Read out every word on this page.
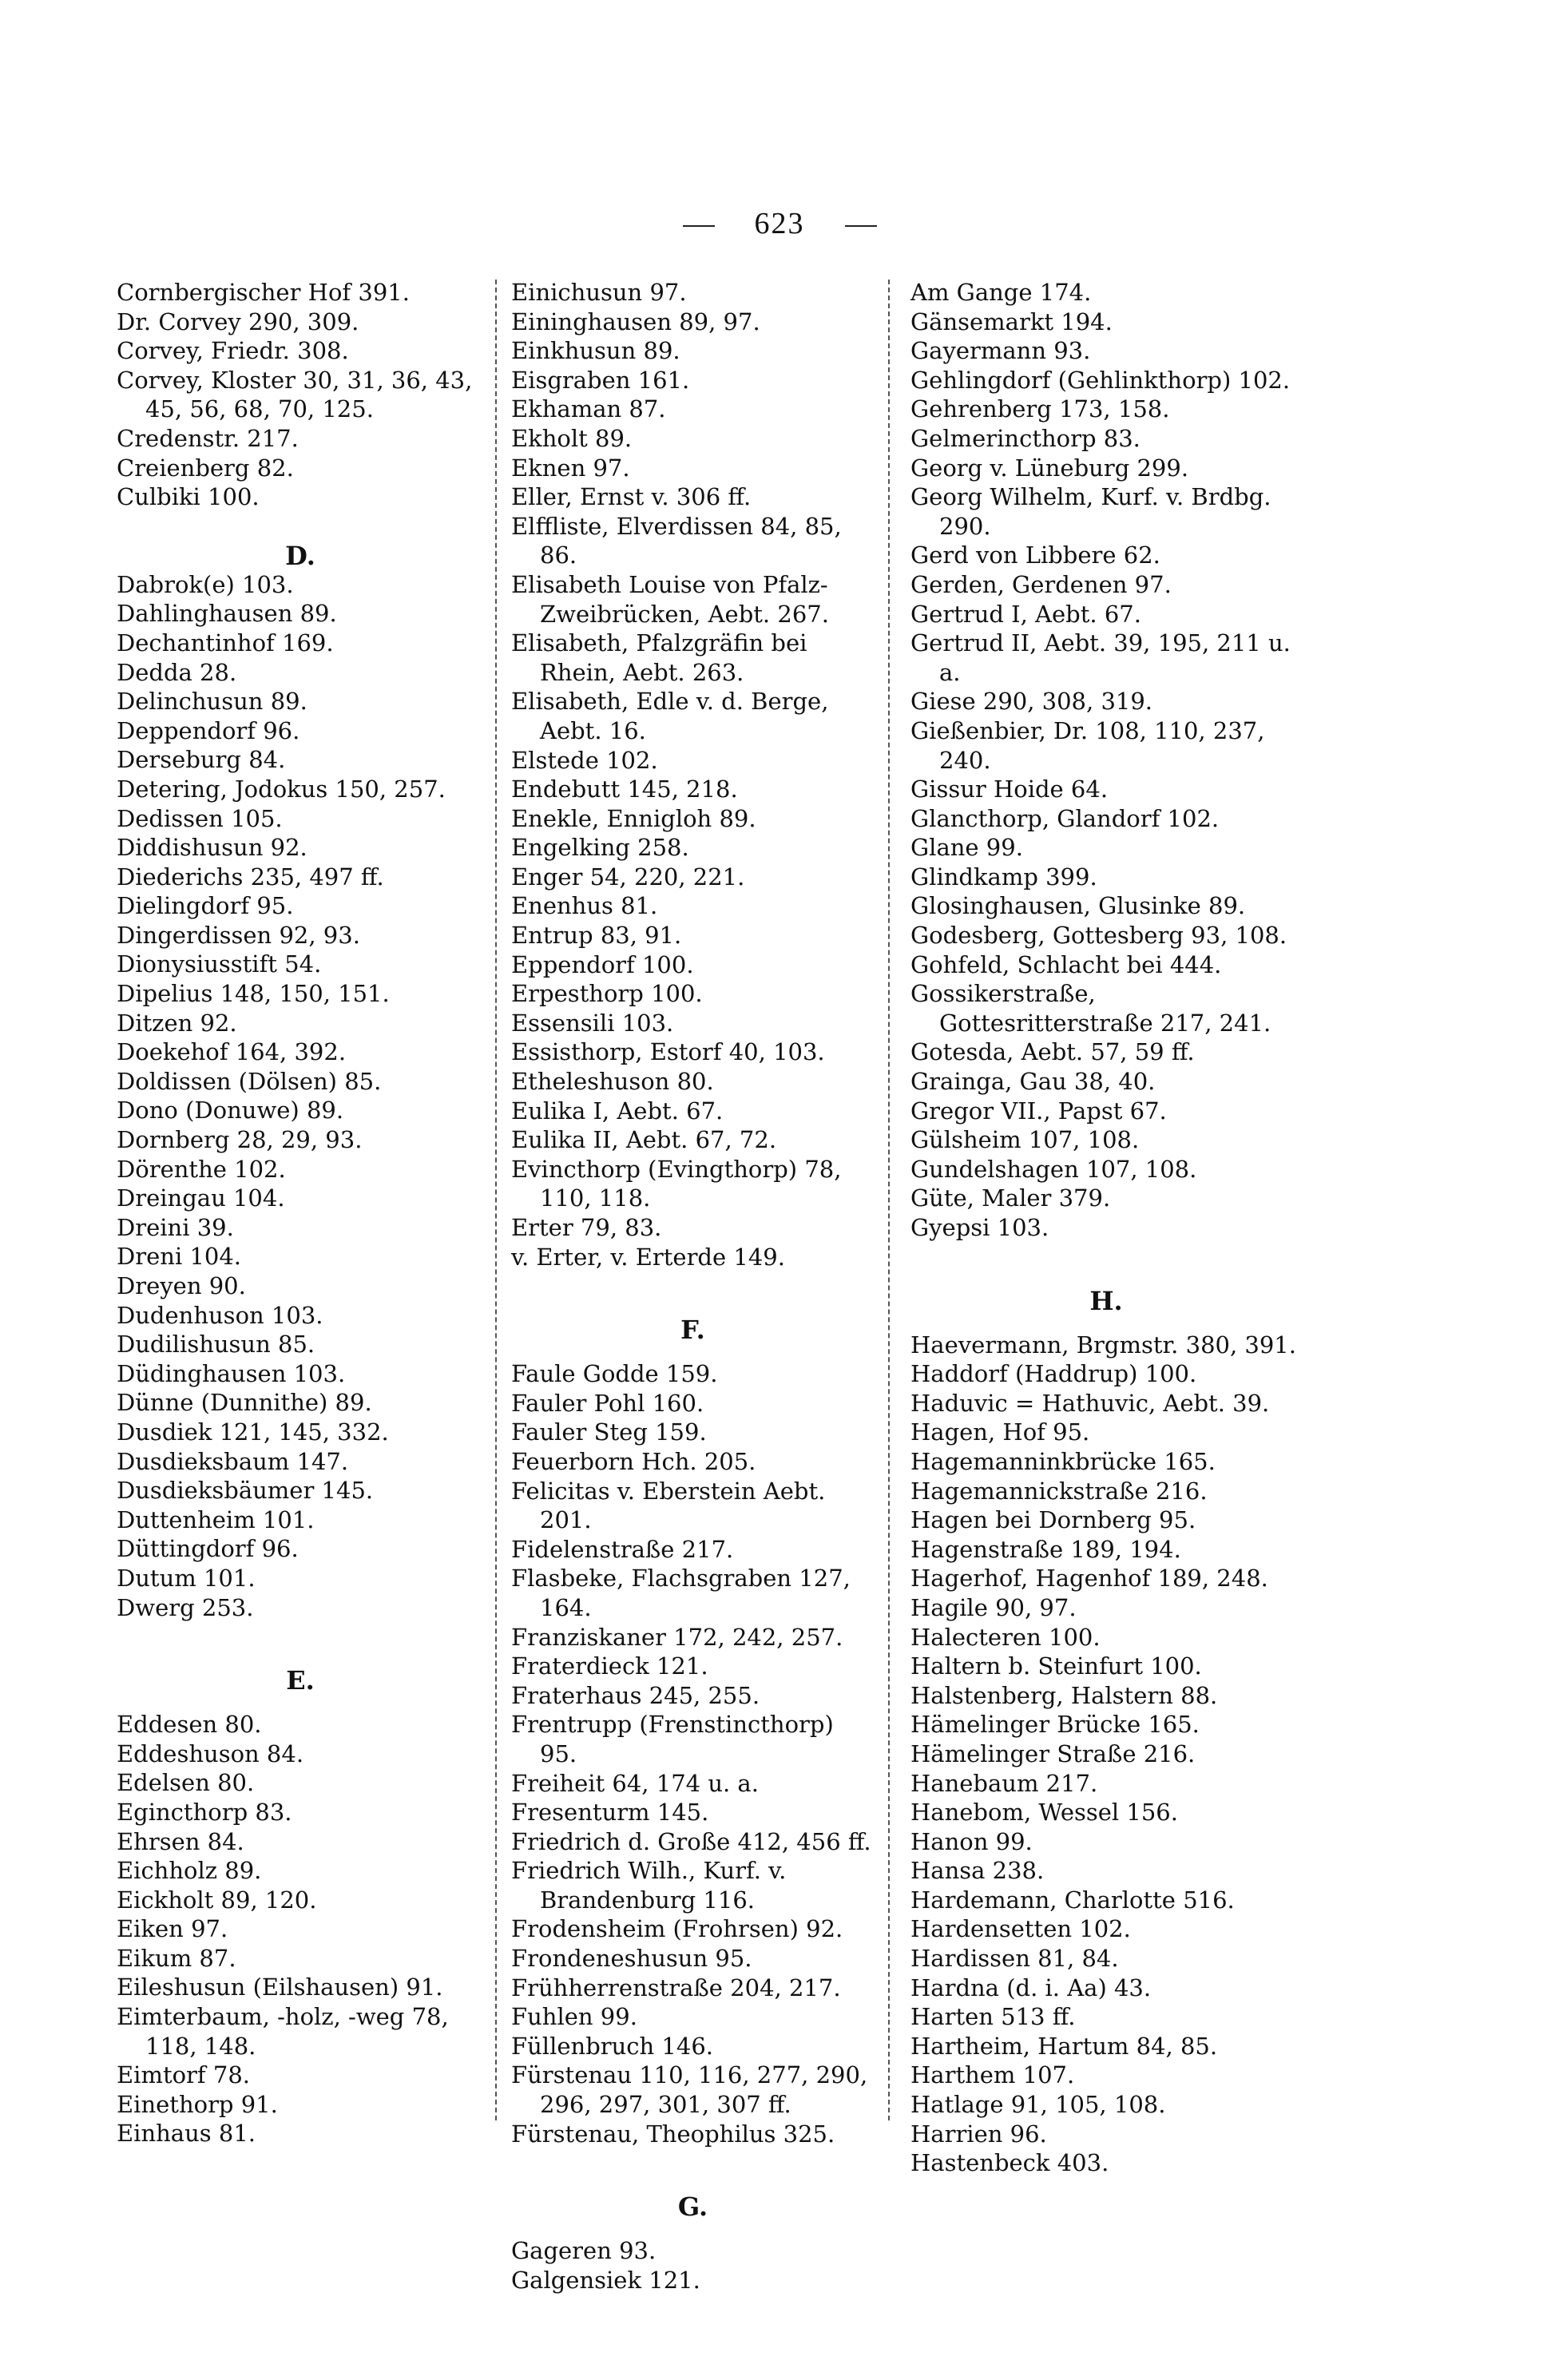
623
Cornbergischer Hof 391.
Dr. Corvey 290, 309.
Corvey, Friedr. 308.
Corvey, Kloster 30, 31, 36, 43, 45, 56, 68, 70, 125.
Credenstr. 217.
Creienberg 82.
Culbiki 100.
D.
Dabrok(e) 103.
Dahlinghausen 89.
Dechantinhof 169.
Dedda 28.
Delinchusun 89.
Deppendorf 96.
Derseburg 84.
Detering, Jodokus 150, 257.
Dedissen 105.
Diddishusun 92.
Diederichs 235, 497 ff.
Dielingdorf 95.
Dingerdissen 92, 93.
Dionysiusstift 54.
Dipelius 148, 150, 151.
Ditzen 92.
Doekehof 164, 392.
Doldissen (Dölsen) 85.
Dono (Donuwe) 89.
Dornberg 28, 29, 93.
Dörenthe 102.
Dreingau 104.
Dreini 39.
Dreni 104.
Dreyen 90.
Dudenhuson 103.
Dudilishusun 85.
Düdinghausen 103.
Dünne (Dunnithe) 89.
Dusdiek 121, 145, 332.
Dusdieksbaum 147.
Dusdieksbäumer 145.
Duttenheim 101.
Düttingdorf 96.
Dutum 101.
Dwerg 253.
E.
Eddesen 80.
Eddeshuson 84.
Edelsen 80.
Egincthorp 83.
Ehrsen 84.
Eichholz 89.
Eickholt 89, 120.
Eiken 97.
Eikum 87.
Eileshusun (Eilshausen) 91.
Eimterbaum, -holz, -weg 78, 118, 148.
Eimtorf 78.
Einethorp 91.
Einhaus 81.
Einichusun 97.
Eininghausen 89, 97.
Einkhusun 89.
Eisgraben 161.
Ekhaman 87.
Ekholt 89.
Eknen 97.
Eller, Ernst v. 306 ff.
Elffliste, Elverdissen 84, 85, 86.
Elisabeth Louise von Pfalz-Zweibrücken, Aebt. 267.
Elisabeth, Pfalzgräfin bei Rhein, Aebt. 263.
Elisabeth, Edle v. d. Berge, Aebt. 16.
Elstede 102.
Endebutt 145, 218.
Enekle, Ennigloh 89.
Engelking 258.
Enger 54, 220, 221.
Enenhus 81.
Entrup 83, 91.
Eppendorf 100.
Erpesthorp 100.
Essensili 103.
Essisthorp, Estorf 40, 103.
Etheleshuson 80.
Eulika I, Aebt. 67.
Eulika II, Aebt. 67, 72.
Evincthorp (Evingthorp) 78, 110, 118.
Erter 79, 83.
v. Erter, v. Erterde 149.
F.
Faule Godde 159.
Fauler Pohl 160.
Fauler Steg 159.
Feuerborn Hch. 205.
Felicitas v. Eberstein Aebt. 201.
Fidelenstraße 217.
Flasbeke, Flachsgraben 127, 164.
Franziskaner 172, 242, 257.
Fraterdieck 121.
Fraterhaus 245, 255.
Frentrupp (Frenstincthorp) 95.
Freiheit 64, 174 u. a.
Fresenturm 145.
Friedrich d. Große 412, 456 ff.
Friedrich Wilh., Kurf. v. Brandenburg 116.
Frodensheim (Frohrsen) 92.
Frondeneshusun 95.
Frühherrenstraße 204, 217.
Fuhlen 99.
Füllenbruch 146.
Fürstenau 110, 116, 277, 290, 296, 297, 301, 307 ff.
Fürstenau, Theophilus 325.
G.
Gageren 93.
Galgensiek 121.
Am Gange 174.
Gänsemarkt 194.
Gayermann 93.
Gehlingdorf (Gehlinkthorp) 102.
Gehrenberg 173, 158.
Gelmerincthorp 83.
Georg v. Lüneburg 299.
Georg Wilhelm, Kurf. v. Brdbg. 290.
Gerd von Libbere 62.
Gerden, Gerdenen 97.
Gertrud I, Aebt. 67.
Gertrud II, Aebt. 39, 195, 211 u. a.
Giese 290, 308, 319.
Gießenbier, Dr. 108, 110, 237, 240.
Gissur Hoide 64.
Glancthorp, Glandorf 102.
Glane 99.
Glindkamp 399.
Glosinghausen, Glusinke 89.
Godesberg, Gottesberg 93, 108.
Gohfeld, Schlacht bei 444.
Gossikerstraße, Gottesritterstraße 217, 241.
Gotesda, Aebt. 57, 59 ff.
Grainga, Gau 38, 40.
Gregor VII., Papst 67.
Gülsheim 107, 108.
Gundelshagen 107, 108.
Güte, Maler 379.
Gyepsi 103.
H.
Haevermann, Brgmstr. 380, 391.
Haddorf (Haddrup) 100.
Haduvic = Hathuvic, Aebt. 39.
Hagen, Hof 95.
Hagemanninkbrücke 165.
Hagemannickstraße 216.
Hagen bei Dornberg 95.
Hagenstraße 189, 194.
Hagerhof, Hagenhof 189, 248.
Hagile 90, 97.
Halecteren 100.
Haltern b. Steinfurt 100.
Halstenberg, Halstern 88.
Hämelinger Brücke 165.
Hämelinger Straße 216.
Hanebaum 217.
Hanebom, Wessel 156.
Hanon 99.
Hansa 238.
Hardemann, Charlotte 516.
Hardensetten 102.
Hardissen 81, 84.
Hardna (d. i. Aa) 43.
Harten 513 ff.
Hartheim, Hartum 84, 85.
Harthem 107.
Hatlage 91, 105, 108.
Harrien 96.
Hastenbeck 403.
